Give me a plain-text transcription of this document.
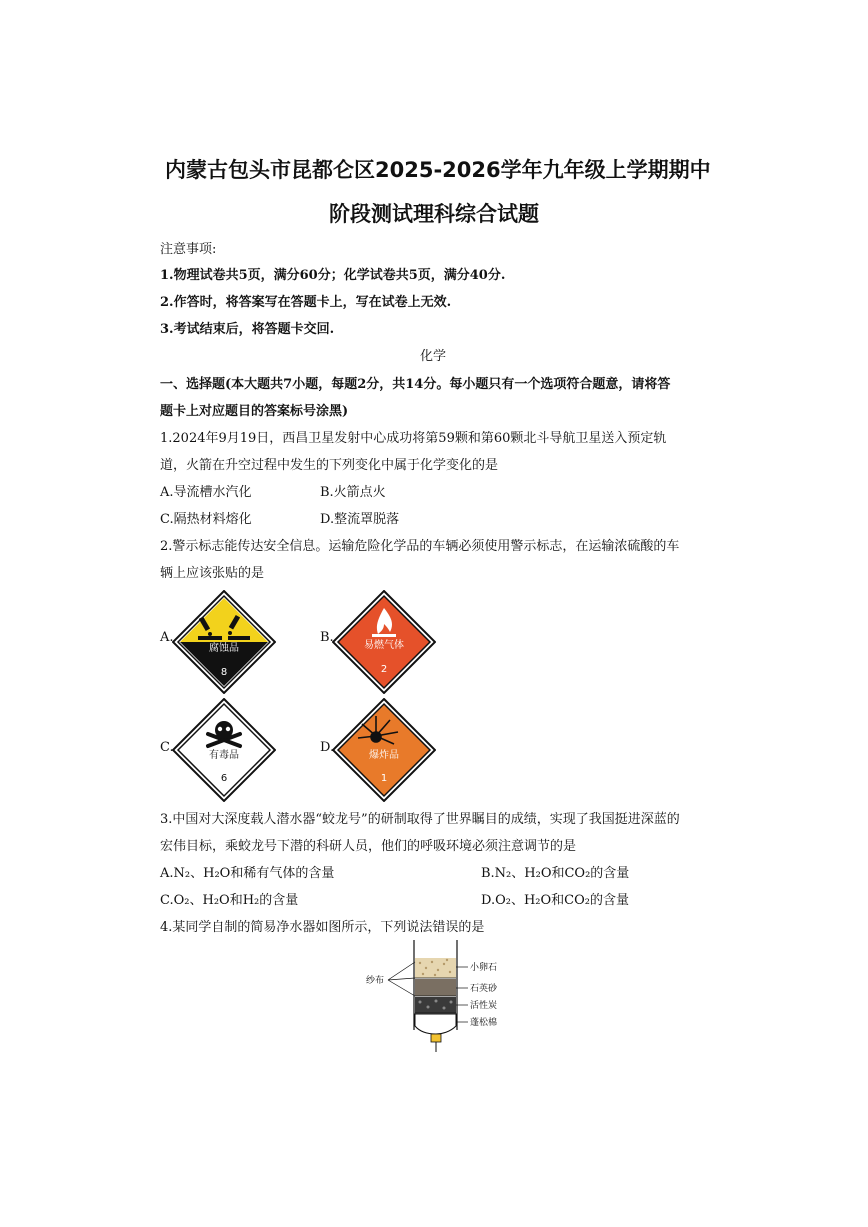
内蒙古包头市昆都仑区2025-2026学年九年级上学期期中
阶段测试理科综合试题
注意事项:
1.物理试卷共5页，满分60分；化学试卷共5页，满分40分.
2.作答时，将答案写在答题卡上，写在试卷上无效.
3.考试结束后，将答题卡交回.
化学
一、选择题(本大题共7小题，每题2分，共14分。每小题只有一个选项符合题意，请将答
题卡上对应题目的答案标号涂黑)
1.2024年9月19日，西昌卫星发射中心成功将第59颗和第60颗北斗导航卫星送入预定轨
道，火箭在升空过程中发生的下列变化中属于化学变化的是
A.导流槽水汽化	B.火箭点火
C.隔热材料熔化	D.整流罩脱落
2.警示标志能传达安全信息。运输危险化学品的车辆必须使用警示标志，在运输浓硫酸的车
辆上应该张贴的是
A.
腐蚀品
8
B.
易燃气体
2
C.
有毒品
6
D.
爆炸品
1
3.中国对大深度载人潜水器“蛟龙号”的研制取得了世界瞩目的成绩，实现了我国挺进深蓝的
宏伟目标，乘蛟龙号下潜的科研人员，他们的呼吸环境必须注意调节的是
A.N₂、H₂O和稀有气体的含量	B.N₂、H₂O和CO₂的含量
C.O₂、H₂O和H₂的含量	D.O₂、H₂O和CO₂的含量
4.某同学自制的简易净水器如图所示，下列说法错误的是
纱布
小卵石
石英砂
活性炭
蓬松棉
